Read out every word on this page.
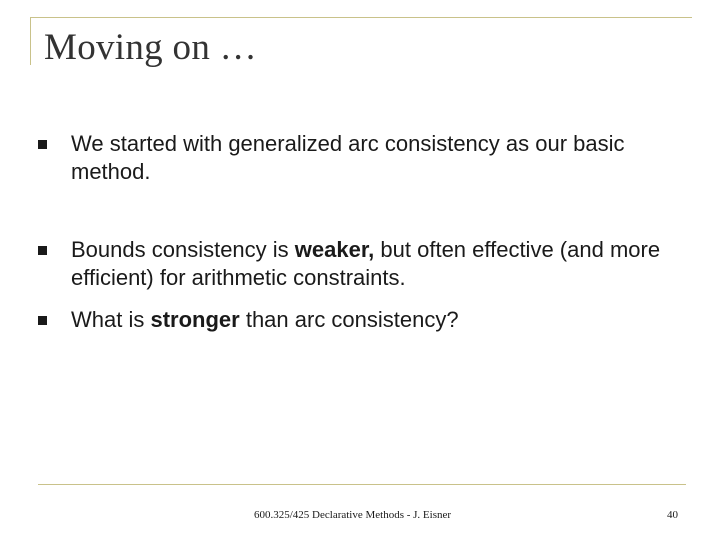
Moving on …
We started with generalized arc consistency as our basic method.
Bounds consistency is weaker, but often effective (and more efficient) for arithmetic constraints.
What is stronger than arc consistency?
600.325/425 Declarative Methods - J. Eisner	40
